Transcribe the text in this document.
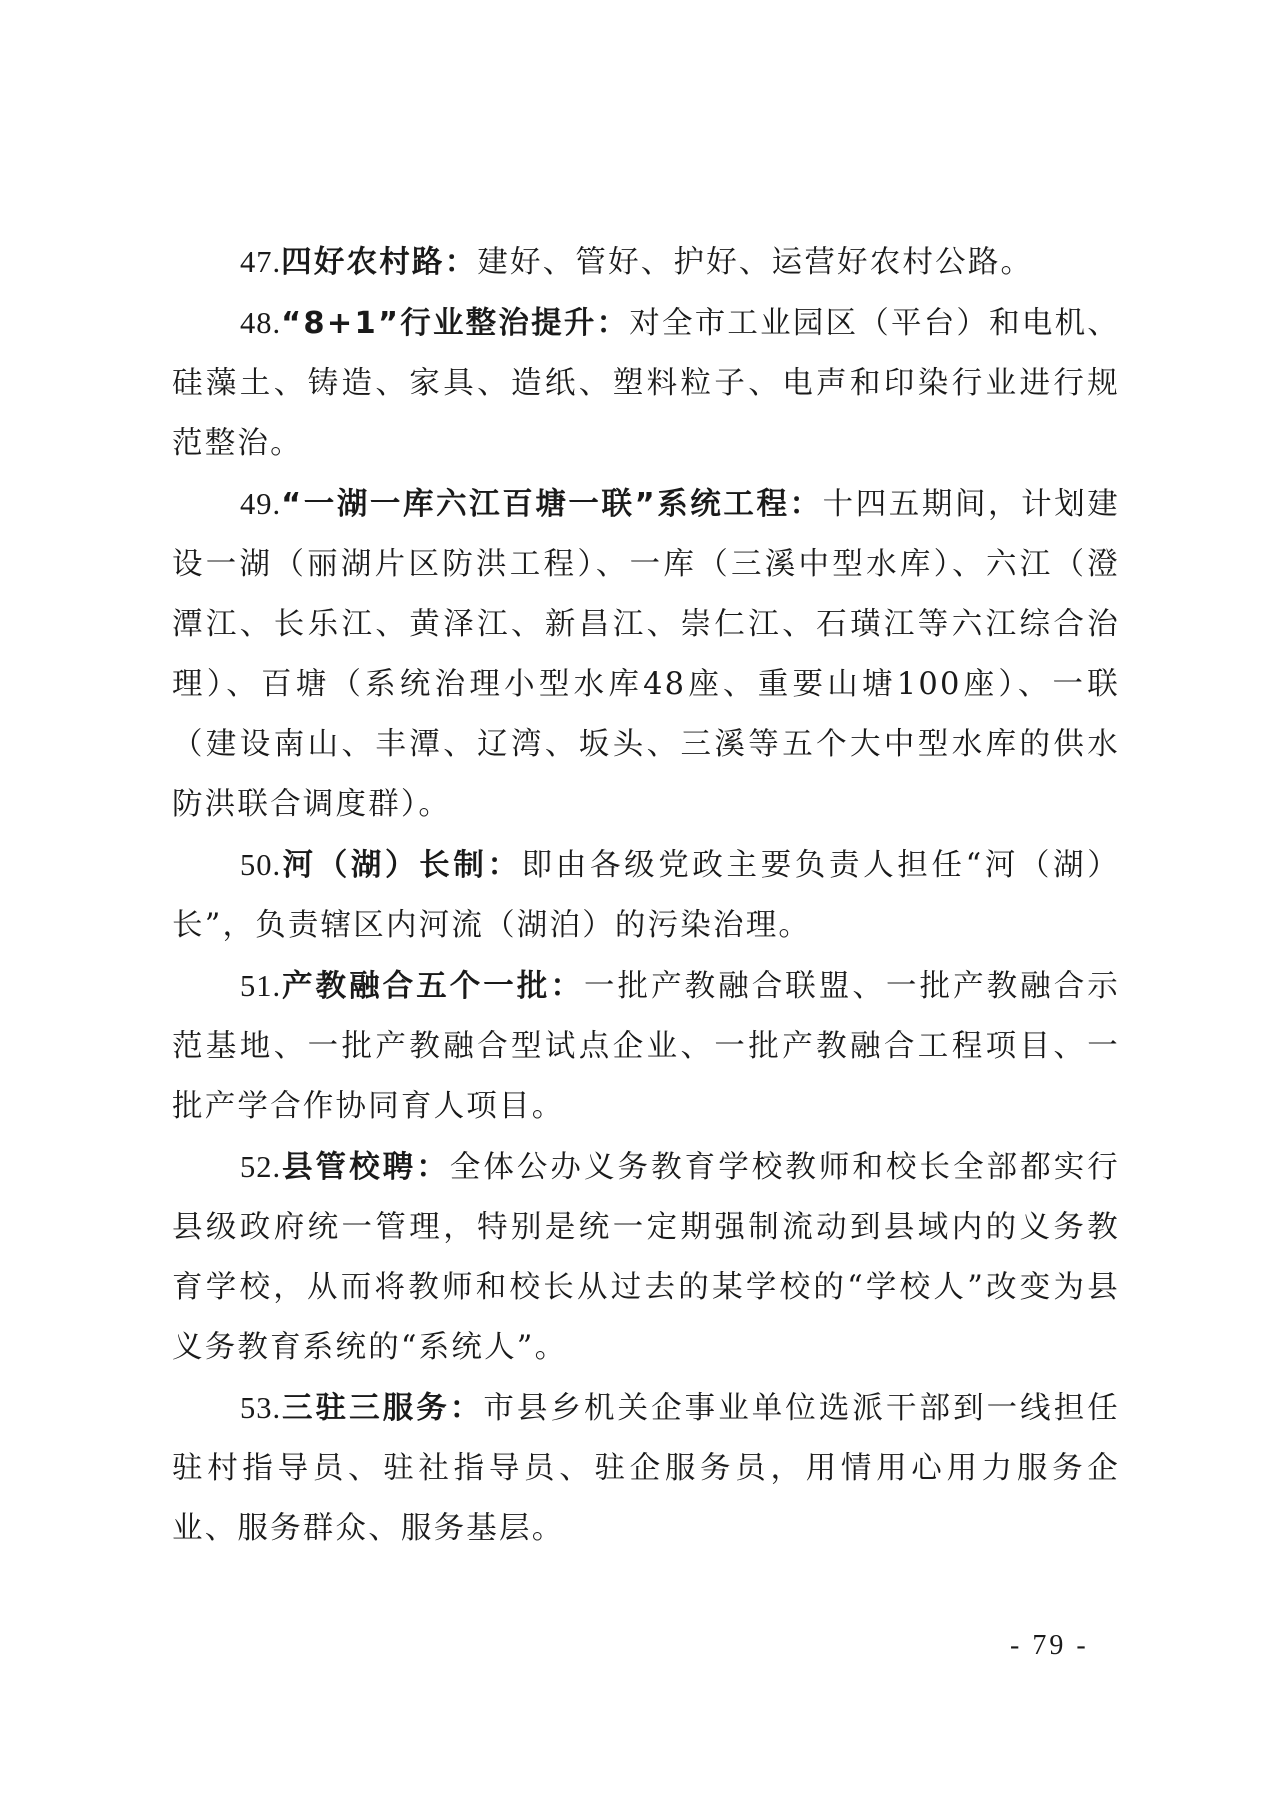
47.四好农村路：建好、管好、护好、运营好农村公路。

48.“8+1”行业整治提升：对全市工业园区（平台）和电机、硅藻土、铸造、家具、造纸、塑料粒子、电声和印染行业进行规范整治。

49.“一湖一库六江百塘一联”系统工程：十四五期间，计划建设一湖（丽湖片区防洪工程）、一库（三溪中型水库）、六江（澄潭江、长乐江、黄泽江、新昌江、崇仁江、石璜江等六江综合治理）、百塘（系统治理小型水库48座、重要山塘100座）、一联（建设南山、丰潭、辽湾、坂头、三溪等五个大中型水库的供水防洪联合调度群）。

50.河（湖）长制：即由各级党政主要负责人担任“河（湖）长”，负责辖区内河流（湖泊）的污染治理。

51.产教融合五个一批：一批产教融合联盟、一批产教融合示范基地、一批产教融合型试点企业、一批产教融合工程项目、一批产学合作协同育人项目。

52.县管校聘：全体公办义务教育学校教师和校长全部都实行县级政府统一管理，特别是统一定期强制流动到县域内的义务教育学校，从而将教师和校长从过去的某学校的“学校人”改变为县义务教育系统的“系统人”。

53.三驻三服务：市县乡机关企事业单位选派干部到一线担任驻村指导员、驻社指导员、驻企服务员，用情用心用力服务企业、服务群众、服务基层。

- 79 -
